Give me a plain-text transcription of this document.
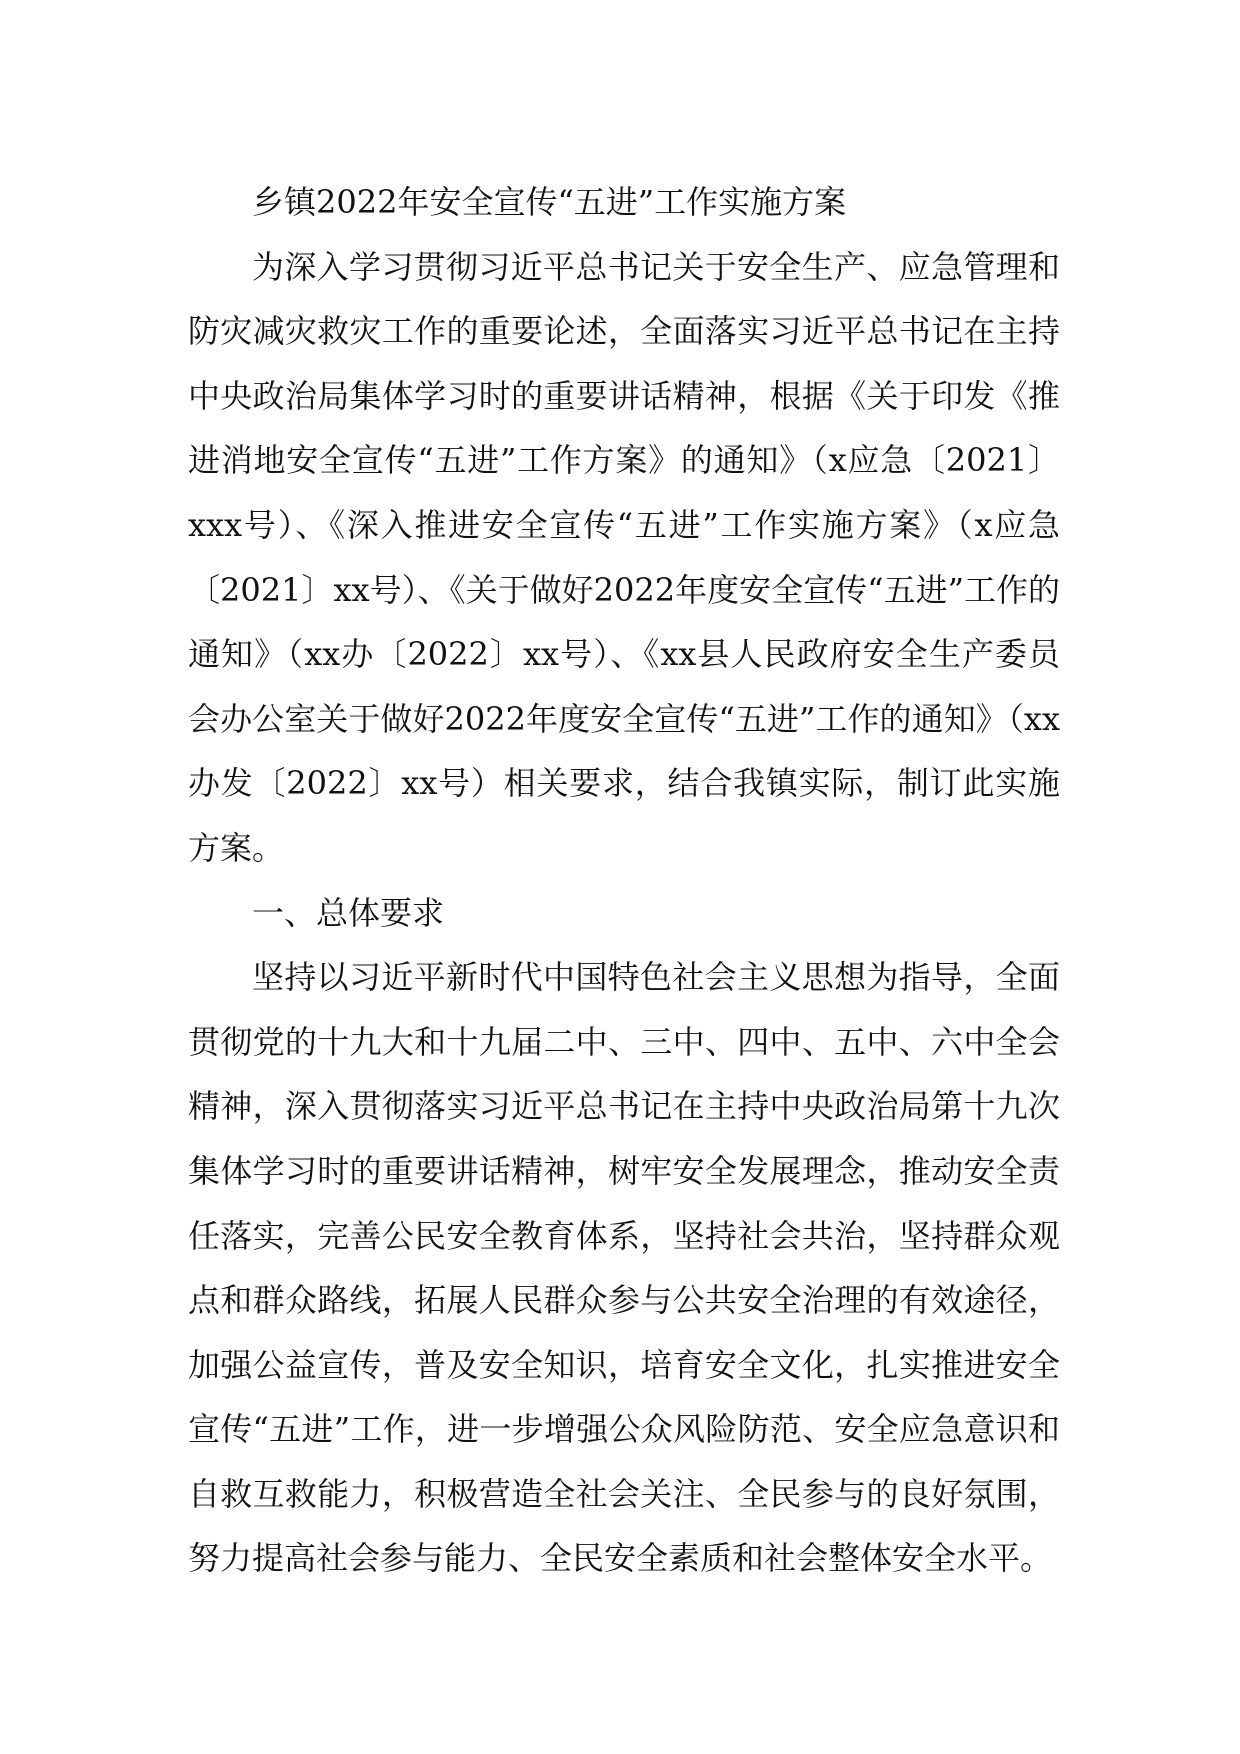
乡镇2022年安全宣传“五进”工作实施方案

为深入学习贯彻习近平总书记关于安全生产、应急管理和防灾减灾救灾工作的重要论述，全面落实习近平总书记在主持中央政治局集体学习时的重要讲话精神，根据《关于印发《推进消地安全宣传“五进”工作方案》的通知》（x应急〔2021〕xxx号）、《深入推进安全宣传“五进”工作实施方案》（x应急〔2021〕xx号）、《关于做好2022年度安全宣传“五进”工作的通知》（xx办〔2022〕xx号）、《xx县人民政府安全生产委员会办公室关于做好2022年度安全宣传“五进”工作的通知》（xx办发〔2022〕xx号）相关要求，结合我镇实际，制订此实施方案。

一、总体要求

坚持以习近平新时代中国特色社会主义思想为指导，全面贯彻党的十九大和十九届二中、三中、四中、五中、六中全会精神，深入贯彻落实习近平总书记在主持中央政治局第十九次集体学习时的重要讲话精神，树牢安全发展理念，推动安全责任落实，完善公民安全教育体系，坚持社会共治，坚持群众观点和群众路线，拓展人民群众参与公共安全治理的有效途径，加强公益宣传，普及安全知识，培育安全文化，扎实推进安全宣传“五进”工作，进一步增强公众风险防范、安全应急意识和自救互救能力，积极营造全社会关注、全民参与的良好氛围，努力提高社会参与能力、全民安全素质和社会整体安全水平。
